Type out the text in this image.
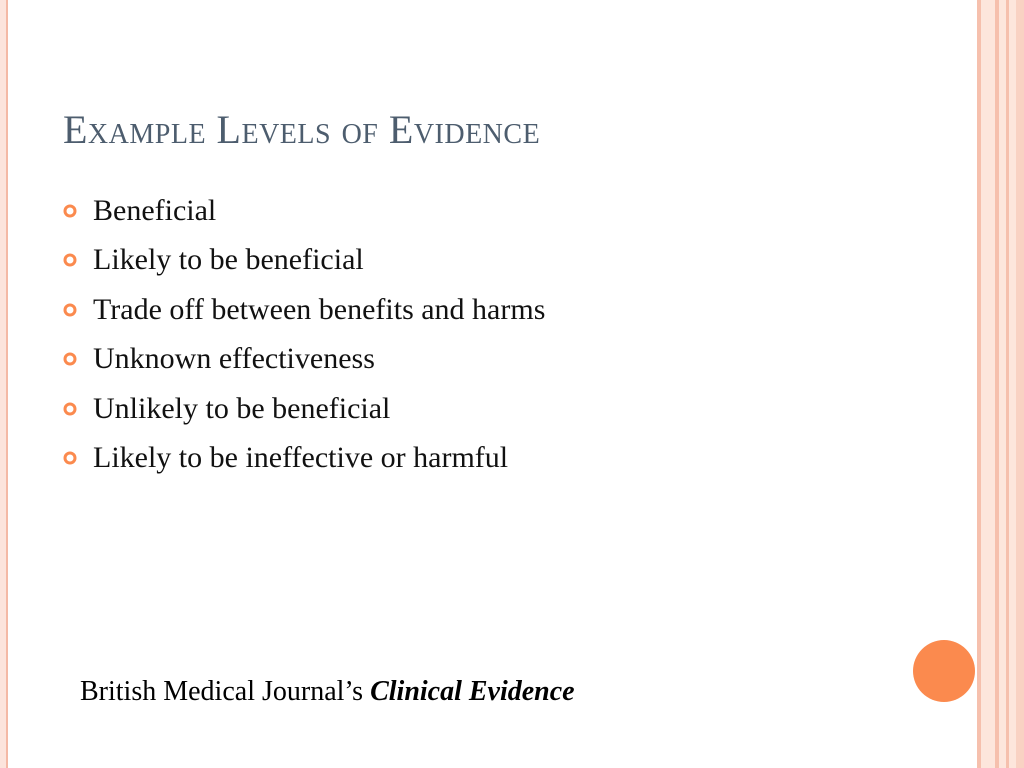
Example Levels of Evidence
Beneficial
Likely to be beneficial
Trade off between benefits and harms
Unknown effectiveness
Unlikely to be beneficial
Likely to be ineffective or harmful
British Medical Journal’s Clinical Evidence
